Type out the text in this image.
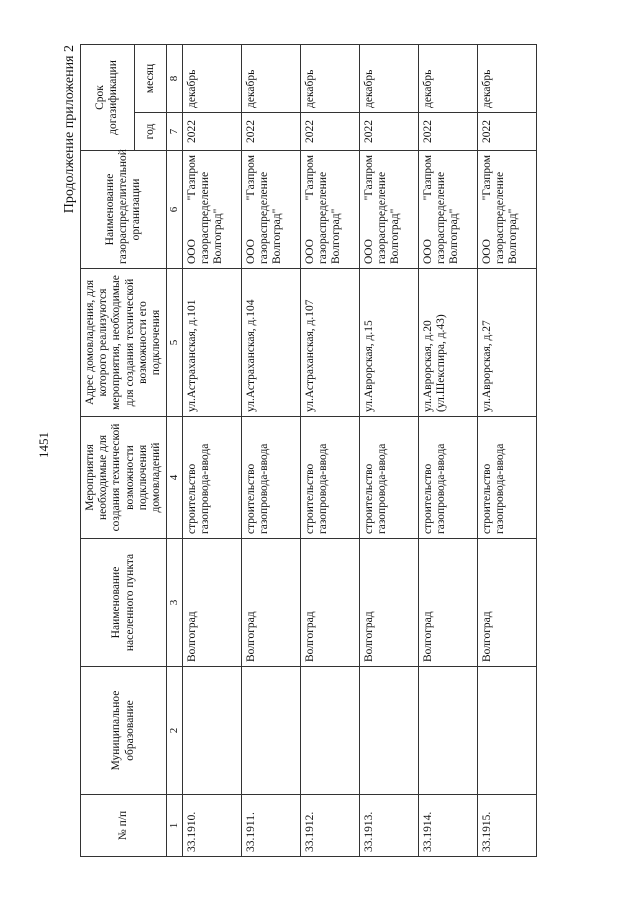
1451
Продолжение приложения 2
№ п/п	Муниципальное образование	Наименование населенного пункта	Мероприятия необходимые для создания технической возможности подключения домовладений	Адрес домовладения, для которого реализуются мероприятия, необходимые для создания технической возможности его подключения	Наименование газораспределительной организации	Срок догазификации	
						год	месяц
1	2	3	4	5	6	7	8
33.1910.		Волгоград	строительство газопровода-ввода	ул.Астраханская, д.101	ООО "Газпром газораспределение Волгоград"	2022	декабрь
33.1911.		Волгоград	строительство газопровода-ввода	ул.Астраханская, д.104	ООО "Газпром газораспределение Волгоград"	2022	декабрь
33.1912.		Волгоград	строительство газопровода-ввода	ул.Астраханская, д.107	ООО "Газпром газораспределение Волгоград"	2022	декабрь
33.1913.		Волгоград	строительство газопровода-ввода	ул.Аврорская, д.15	ООО "Газпром газораспределение Волгоград"	2022	декабрь
33.1914.		Волгоград	строительство газопровода-ввода	ул.Аврорская, д.20 (ул.Шекспира, д.43)	ООО "Газпром газораспределение Волгоград"	2022	декабрь
33.1915.		Волгоград	строительство газопровода-ввода	ул.Аврорская, д.27	ООО "Газпром газораспределение Волгоград"	2022	декабрь
